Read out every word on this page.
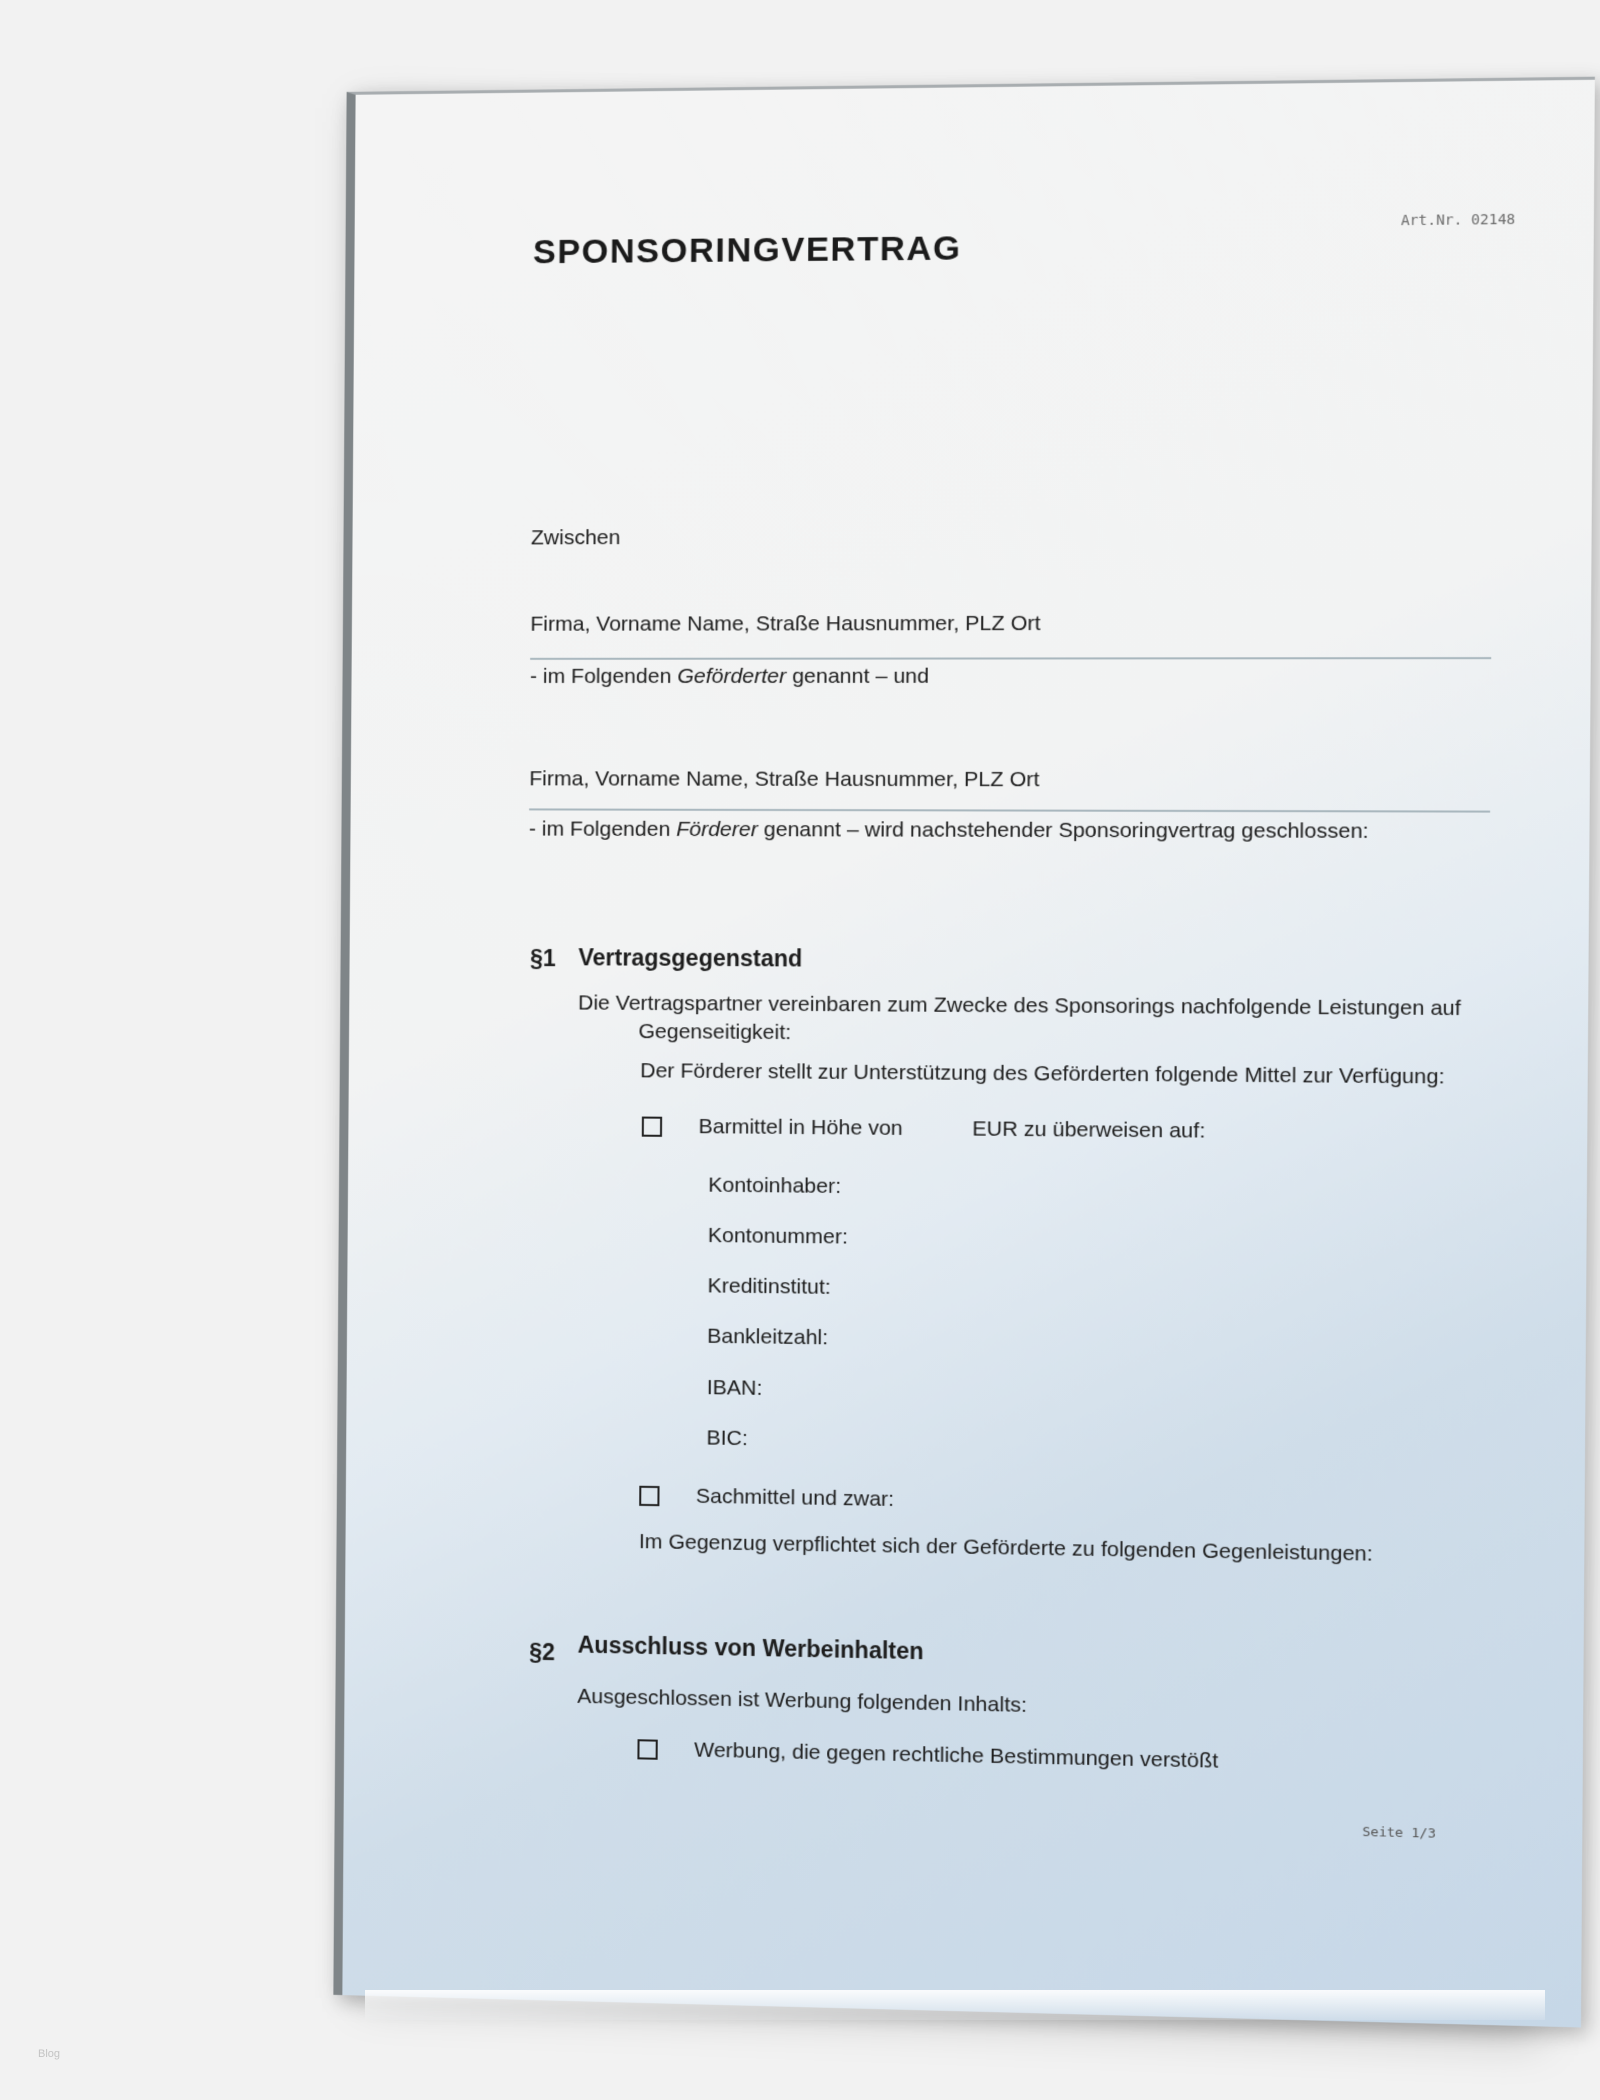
Art.Nr. 02148
SPONSORINGVERTRAG
Zwischen
Firma, Vorname Name, Straße Hausnummer, PLZ Ort
- im Folgenden Geförderter genannt – und
Firma, Vorname Name, Straße Hausnummer, PLZ Ort
- im Folgenden Förderer genannt – wird nachstehender Sponsoringvertrag geschlossen:
§1 Vertragsgegenstand
Die Vertragspartner vereinbaren zum Zwecke des Sponsorings nachfolgende Leistungen auf
Gegenseitigkeit:
Der Förderer stellt zur Unterstützung des Geförderten folgende Mittel zur Verfügung:
Barmittel in Höhe von	EUR zu überweisen auf:
Kontoinhaber:
Kontonummer:
Kreditinstitut:
Bankleitzahl:
IBAN:
BIC:
Sachmittel und zwar:
Im Gegenzug verpflichtet sich der Geförderte zu folgenden Gegenleistungen:
§2 Ausschluss von Werbeinhalten
Ausgeschlossen ist Werbung folgenden Inhalts:
Werbung, die gegen rechtliche Bestimmungen verstößt
Seite 1/3
Blog
